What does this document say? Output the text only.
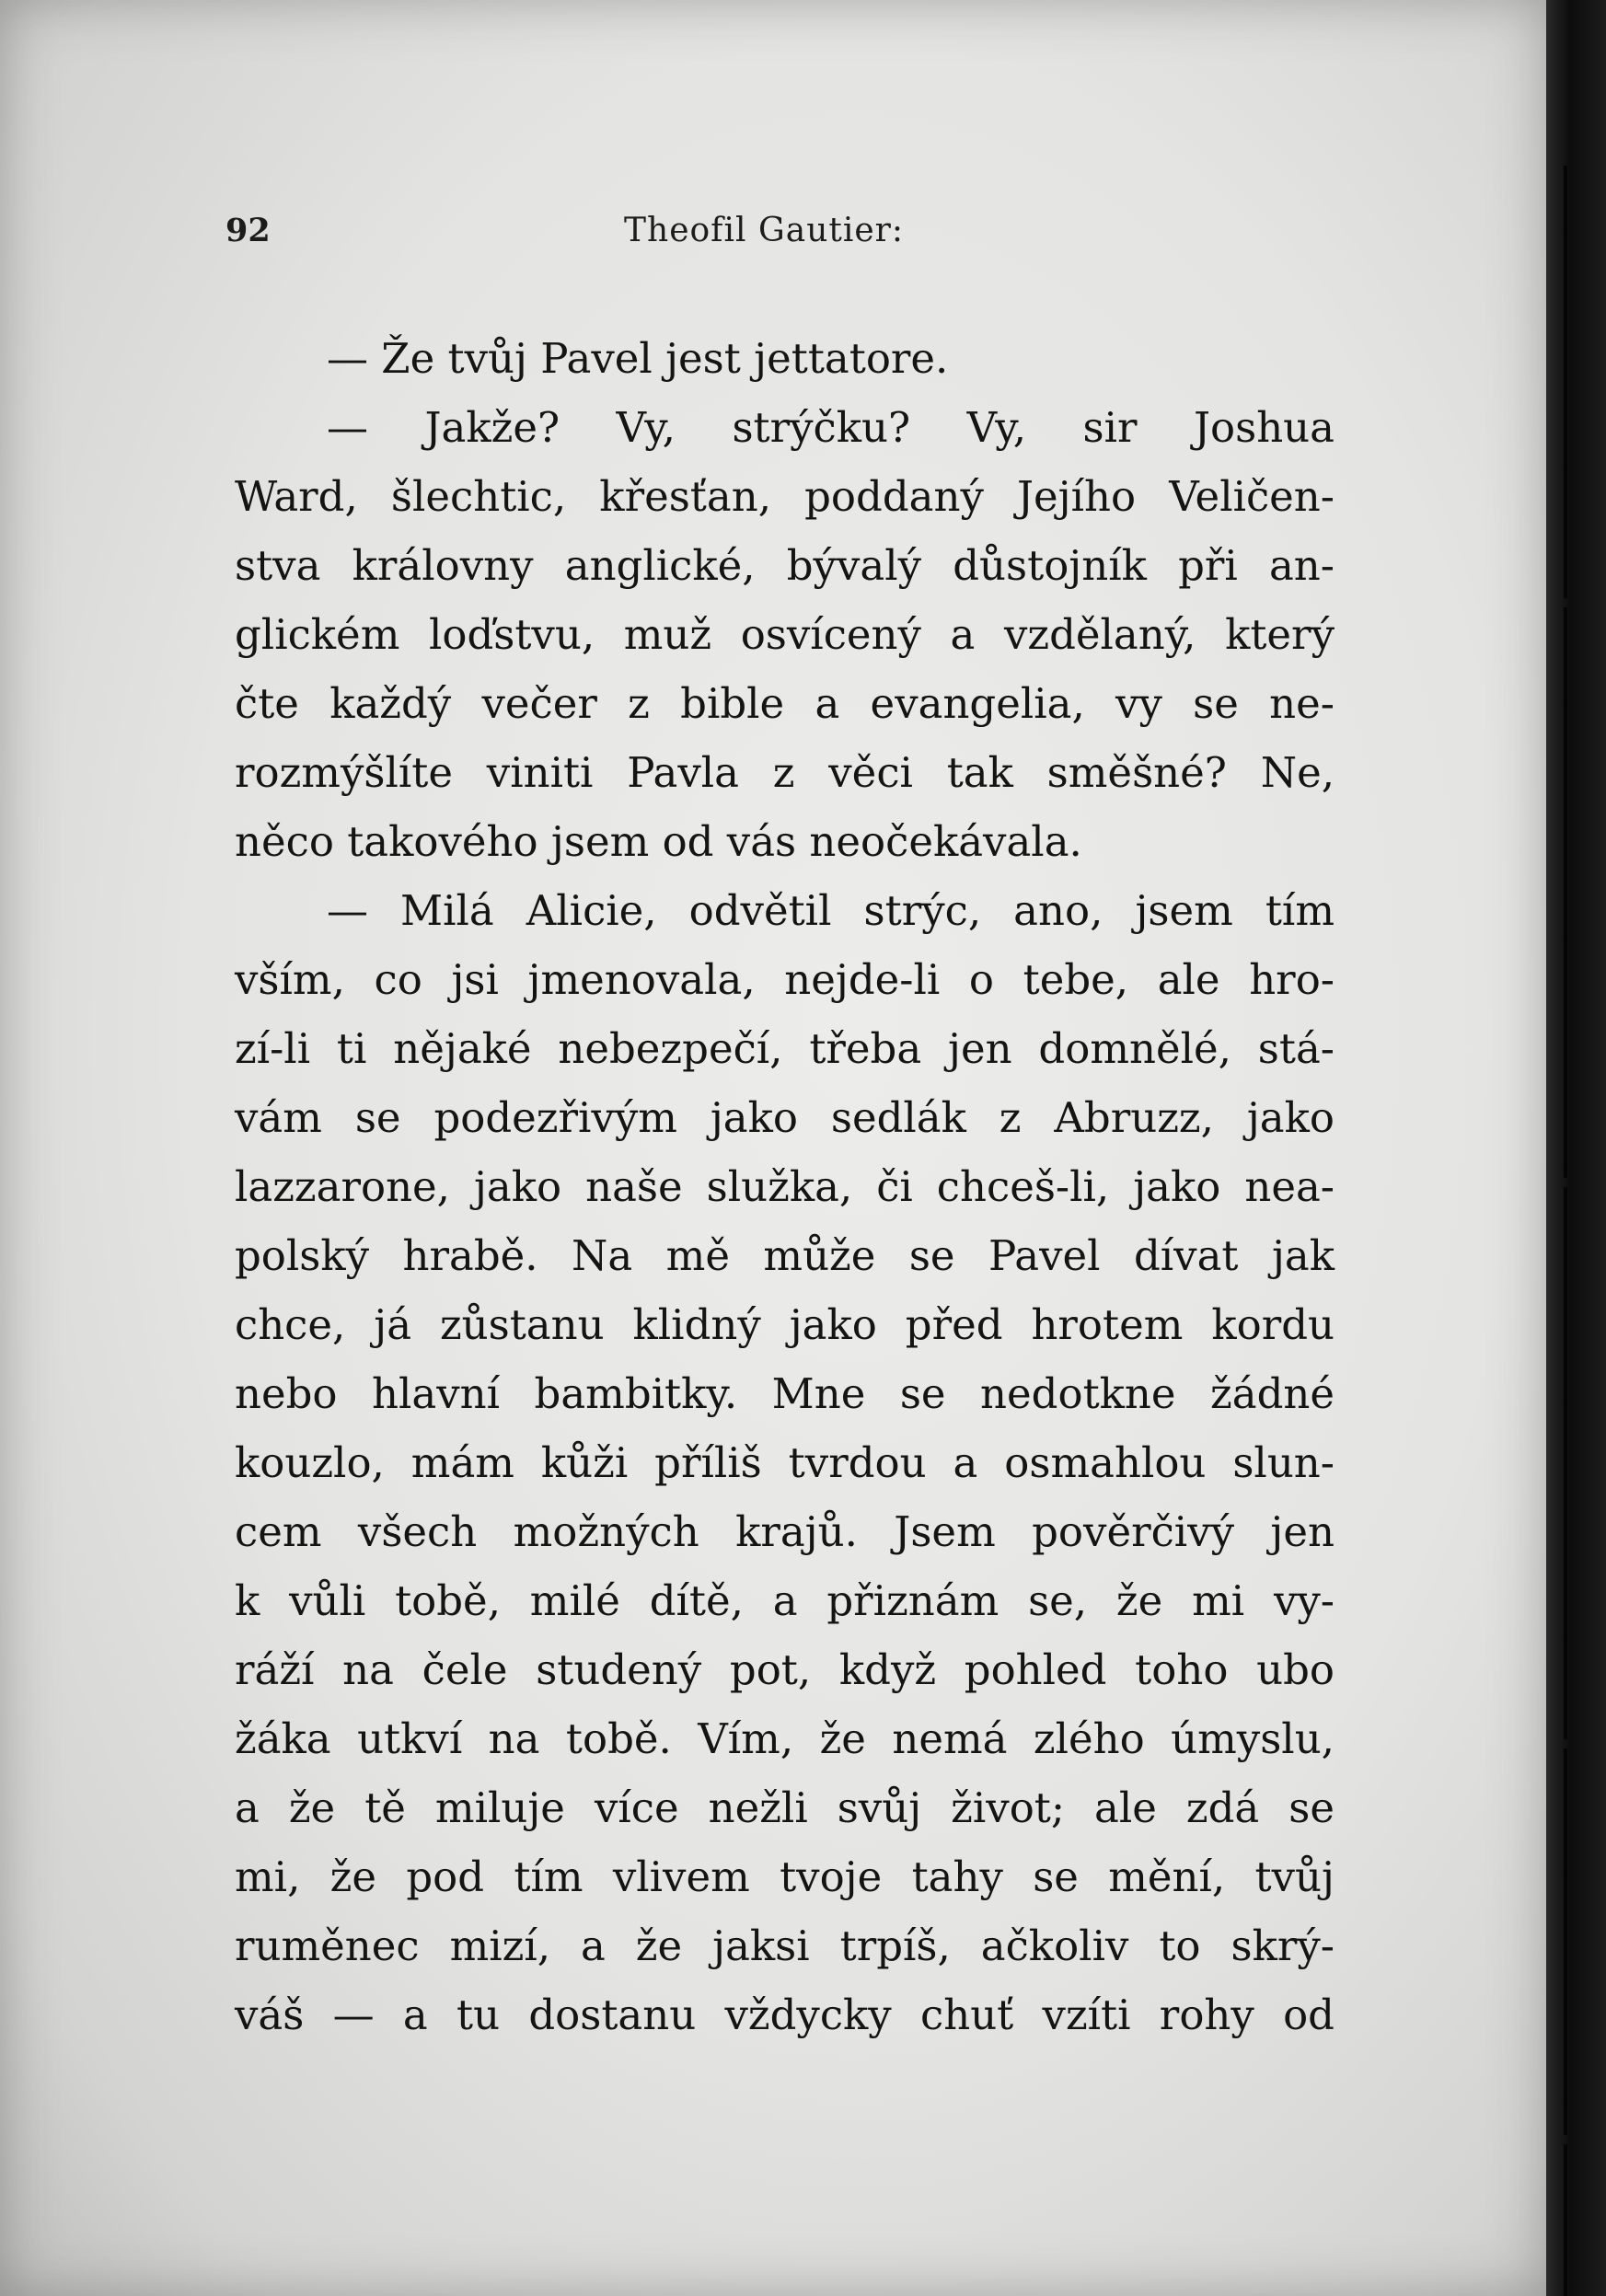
92	Theofil Gautier:
— Že tvůj Pavel jest jettatore.
— Jakže? Vy, strýčku? Vy, sir Joshua
Ward, šlechtic, křesťan, poddaný Jejího Veličen-
stva královny anglické, bývalý důstojník při an-
glickém loďstvu, muž osvícený a vzdělaný, který
čte každý večer z bible a evangelia, vy se ne-
rozmýšlíte viniti Pavla z věci tak směšné? Ne,
něco takového jsem od vás neočekávala.
— Milá Alicie, odvětil strýc, ano, jsem tím
vším, co jsi jmenovala, nejde-li o tebe, ale hro-
zí-li ti nějaké nebezpečí, třeba jen domnělé, stá-
vám se podezřivým jako sedlák z Abruzz, jako
lazzarone, jako naše služka, či chceš-li, jako nea-
polský hrabě. Na mě může se Pavel dívat jak
chce, já zůstanu klidný jako před hrotem kordu
nebo hlavní bambitky. Mne se nedotkne žádné
kouzlo, mám kůži příliš tvrdou a osmahlou slun-
cem všech možných krajů. Jsem pověrčivý jen
k vůli tobě, milé dítě, a přiznám se, že mi vy-
ráží na čele studený pot, když pohled toho ubo
žáka utkví na tobě. Vím, že nemá zlého úmyslu,
a že tě miluje více nežli svůj život; ale zdá se
mi, že pod tím vlivem tvoje tahy se mění, tvůj
ruměnec mizí, a že jaksi trpíš, ačkoliv to skrý-
váš — a tu dostanu vždycky chuť vzíti rohy od
